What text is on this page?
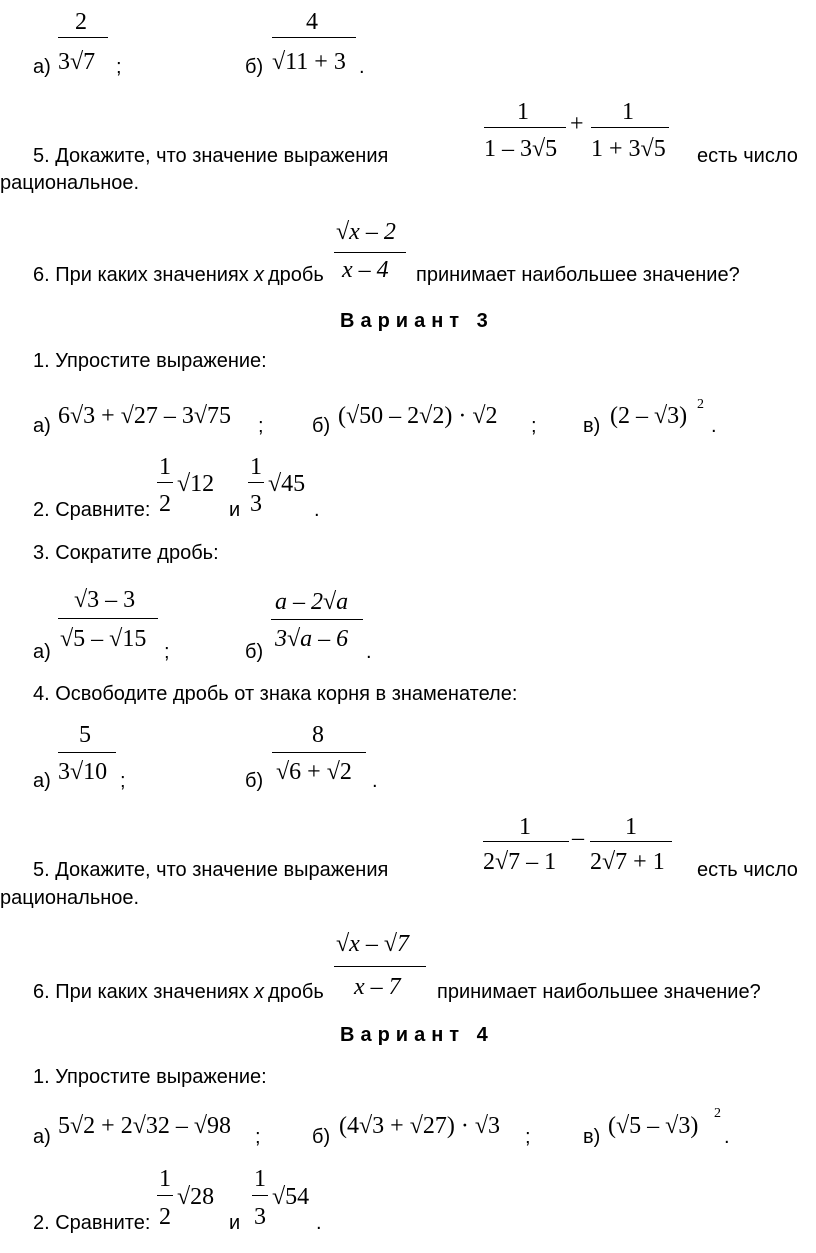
а)
2
3√7 ;	б)
4
√11 + 3 .
5. Докажите, что значение выражения
1
1 – 3√5
+ 1
1 + 3√5 есть число
рациональное.
6. При каких значениях x дробь
√x – 2
x – 4 принимает наибольшее значение?
Вариант 3
1. Упростите выражение:
а) 6√3 + √27 – 3√75 ; б) (√50 – 2√2) · √2 ; в) (2 – √3) 2
.
2. Сравните:
1
2
√12
и
1
3
√45
.
3. Сократите дробь:
а)
√3 – 3
√5 – √15 ;	б)
a – 2√a
3√a – 6 .
4. Освободите дробь от знака корня в знаменателе:
а)
5
3√10 ;	б)
8
√6 + √2 .
5. Докажите, что значение выражения
1
2√7 – 1
– 1
2√7 + 1 есть число
рациональное.
6. При каких значениях x дробь
√x – √7
x – 7 принимает наибольшее значение?
Вариант 4
1. Упростите выражение:
а) 5√2 + 2√32 – √98 ;	б) (4√3 + √27) · √3 ;	в) (√5 – √3) 2
.
2. Сравните:
1
2
√28
и
1
3
√54
.
